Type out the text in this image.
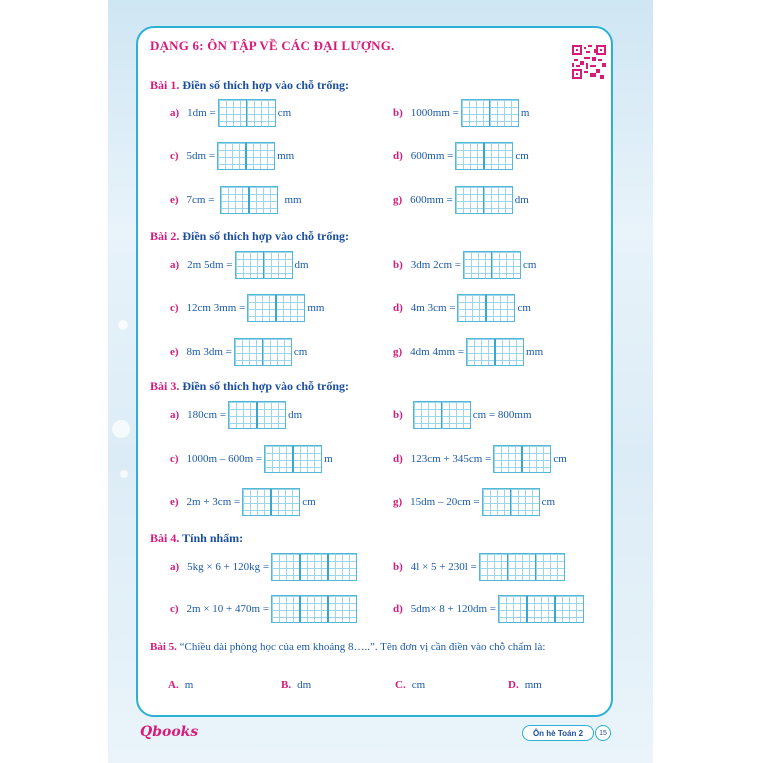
DẠNG 6: ÔN TẬP VỀ CÁC ĐẠI LƯỢNG.
Bài 1. Điền số thích hợp vào chỗ trống:
a) 1dm =	cm	b) 1000mm =	m
c) 5dm =	mm	d) 600mm =	cm
e) 7cm =	mm	g) 600mm =	dm
Bài 2. Điền số thích hợp vào chỗ trống:
a) 2m 5dm =	dm	b) 3dm 2cm =	cm
c) 12cm 3mm =	mm	d) 4m 3cm =	cm
e) 8m 3dm =	cm	g) 4dm 4mm =	mm
Bài 3. Điền số thích hợp vào chỗ trống:
a) 180cm =	dm	b)	cm = 800mm
c) 1000m – 600m =	m	d) 123cm + 345cm =	cm
e) 2m + 3cm =	cm	g) 15dm – 20cm =	cm
Bài 4. Tính nhẩm:
a) 5kg × 6 + 120kg =	b) 4l × 5 + 230l =
c) 2m × 10 + 470m =	d) 5dm× 8 + 120dm =
Bài 5. “Chiều dài phòng học của em khoảng 8…..”. Tên đơn vị cần điền vào chỗ chấm là:
A. m	B. dm	C. cm	D. mm
Qbooks	Ôn hè Toán 2	15
